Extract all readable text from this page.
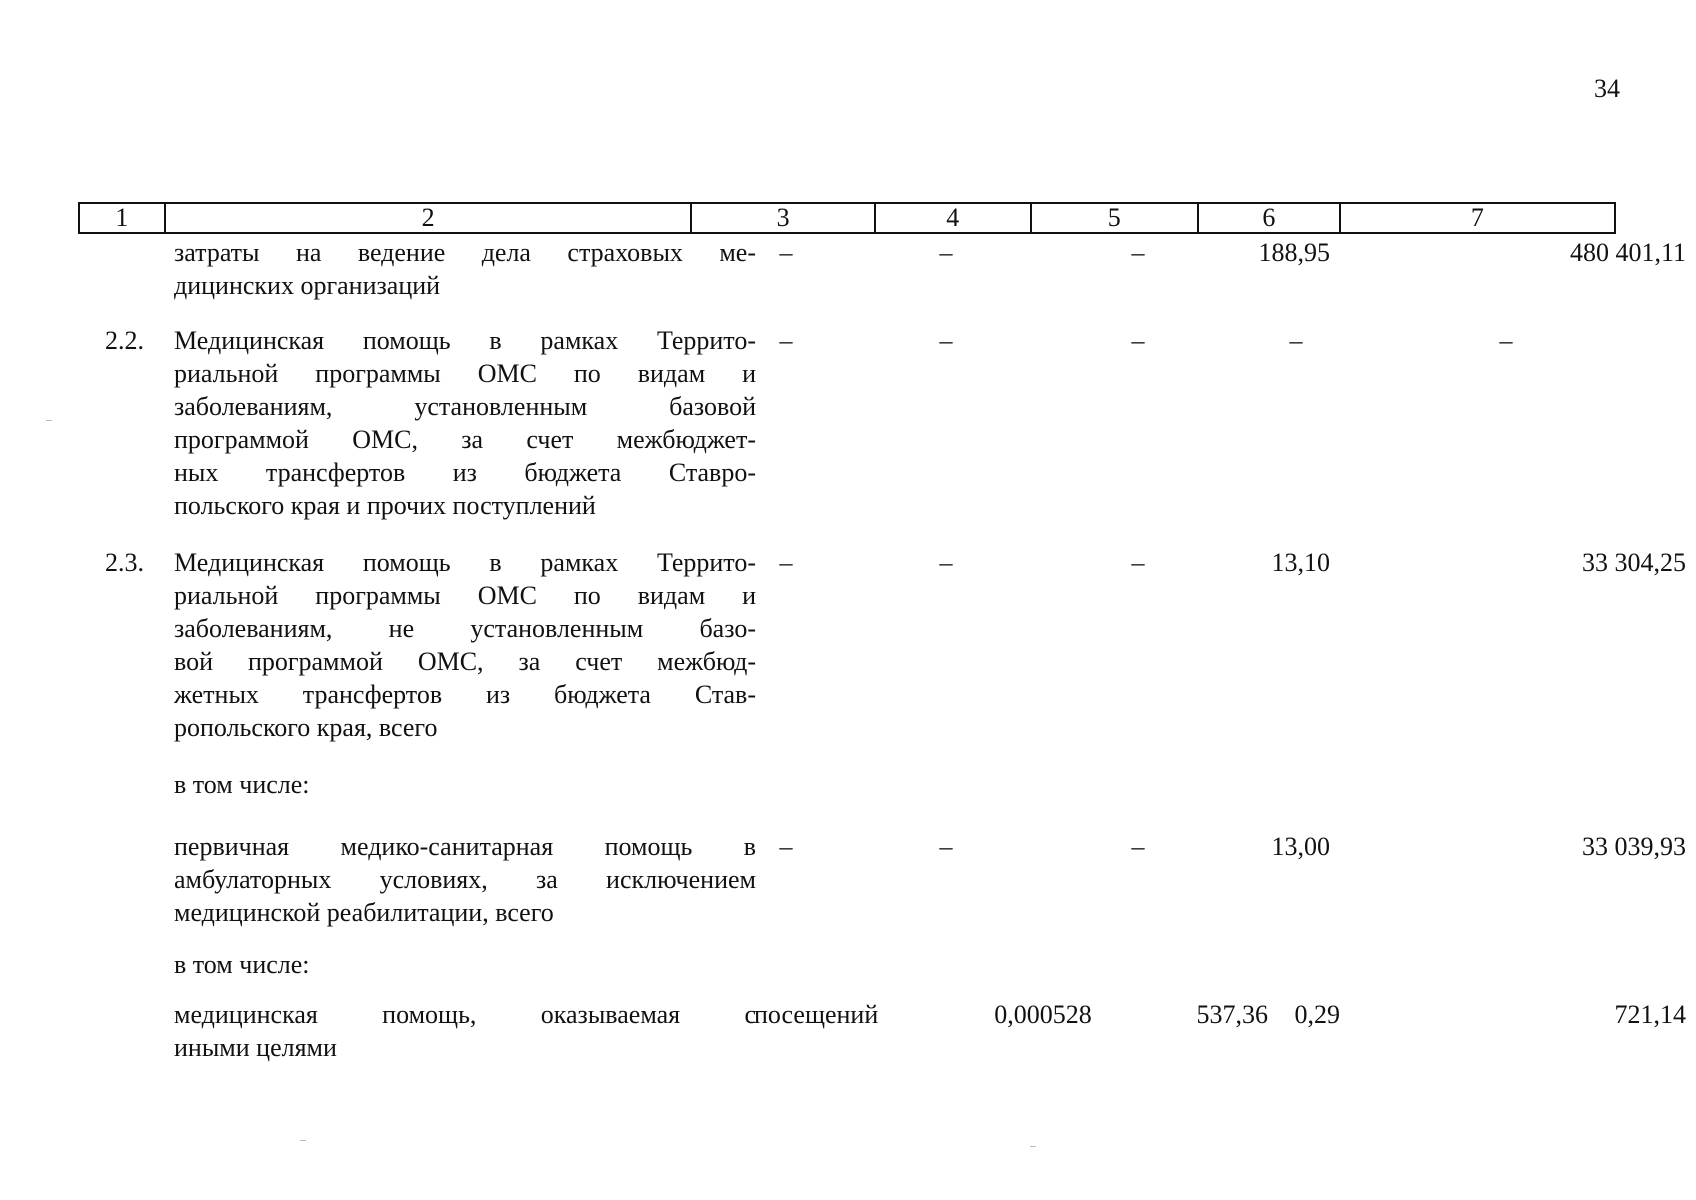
34
1	2	3	4	5	6	7
затраты на ведение дела страховых ме-
дицинских организаций
–	–	–	188,95	480 401,11
2.2. Медицинская помощь в рамках Террито-
риальной программы ОМС по видам и
заболеваниям, установленным базовой
программой ОМС, за счет межбюджет-
ных трансфертов из бюджета Ставро-
польского края и прочих поступлений
–	–	–	–	–
2.3. Медицинская помощь в рамках Террито-
риальной программы ОМС по видам и
заболеваниям, не установленным базо-
вой программой ОМС, за счет межбюд-
жетных трансфертов из бюджета Став-
ропольского края, всего
–	–	–	13,10	33 304,25
в том числе:
первичная медико-санитарная помощь в
амбулаторных условиях, за исключением
медицинской реабилитации, всего
–	–	–	13,00	33 039,93
в том числе:
медицинская помощь, оказываемая с
иными целями
посещений	0,000528	537,36	0,29	721,14
